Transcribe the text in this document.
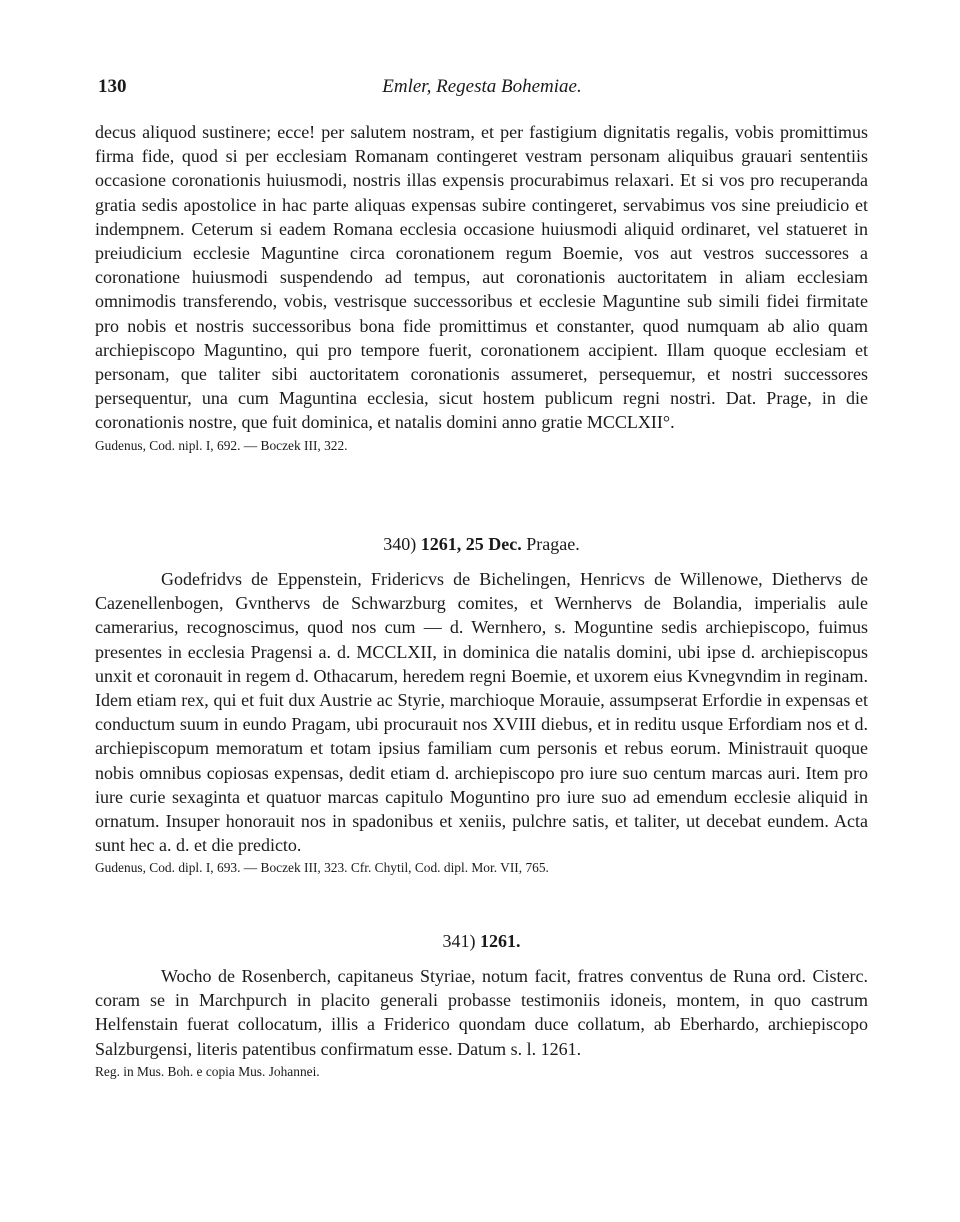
130	Emler, Regesta Bohemiae.

decus aliquod sustinere; ecce! per salutem nostram, et per fastigium dignitatis regalis, vobis promittimus firma fide, quod si per ecclesiam Romanam contingeret vestram personam aliquibus grauari sententiis occasione coronationis huiusmodi, nostris illas expensis procurabimus relaxari. Et si vos pro recuperanda gratia sedis apostolice in hac parte aliquas expensas subire contingeret, servabimus vos sine preiudicio et indempnem. Ceterum si eadem Romana ecclesia occasione huiusmodi aliquid ordinaret, vel statueret in preiudicium ecclesie Maguntine circa coronationem regum Boemie, vos aut vestros successores a coronatione huiusmodi suspendendo ad tempus, aut coronationis auctoritatem in aliam ecclesiam omnimodis transferendo, vobis, vestrisque successoribus et ecclesie Maguntine sub simili fidei firmitate pro nobis et nostris successoribus bona fide promittimus et constanter, quod numquam ab alio quam archiepiscopo Maguntino, qui pro tempore fuerit, coronationem accipient. Illam quoque ecclesiam et personam, que taliter sibi auctoritatem coronationis assumeret, persequemur, et nostri successores persequentur, una cum Maguntina ecclesia, sicut hostem publicum regni nostri. Dat. Prage, in die coronationis nostre, que fuit dominica, et natalis domini anno gratie MCCLXII°.

Gudenus, Cod. nipl. I, 692. — Boczek III, 322.

340) 1261, 25 Dec. Pragae.

Godefridvs de Eppenstein, Fridericvs de Bichelingen, Henricvs de Willenowe, Diethervs de Cazenellenbogen, Gvnthervs de Schwarzburg comites, et Wernhervs de Bolandia, imperialis aule camerarius, recognoscimus, quod nos cum — d. Wernhero, s. Moguntine sedis archiepiscopo, fuimus presentes in ecclesia Pragensi a. d. MCCLXII, in dominica die natalis domini, ubi ipse d. archiepiscopus unxit et coronauit in regem d. Othacarum, heredem regni Boemie, et uxorem eius Kvnegvndim in reginam. Idem etiam rex, qui et fuit dux Austrie ac Styrie, marchioque Morauie, assumpserat Erfordie in expensas et conductum suum in eundo Pragam, ubi procurauit nos XVIII diebus, et in reditu usque Erfordiam nos et d. archiepiscopum memoratum et totam ipsius familiam cum personis et rebus eorum. Ministrauit quoque nobis omnibus copiosas expensas, dedit etiam d. archiepiscopo pro iure suo centum marcas auri. Item pro iure curie sexaginta et quatuor marcas capitulo Moguntino pro iure suo ad emendum ecclesie aliquid in ornatum. Insuper honorauit nos in spadonibus et xeniis, pulchre satis, et taliter, ut decebat eundem. Acta sunt hec a. d. et die predicto.

Gudenus, Cod. dipl. I, 693. — Boczek III, 323. Cfr. Chytil, Cod. dipl. Mor. VII, 765.

341) 1261.

Wocho de Rosenberch, capitaneus Styriae, notum facit, fratres conventus de Runa ord. Cisterc. coram se in Marchpurch in placito generali probasse testimoniis idoneis, montem, in quo castrum Helfenstain fuerat collocatum, illis a Friderico quondam duce collatum, ab Eberhardo, archiepiscopo Salzburgensi, literis patentibus confirmatum esse. Datum s. l. 1261.

Reg. in Mus. Boh. e copia Mus. Johannei.
